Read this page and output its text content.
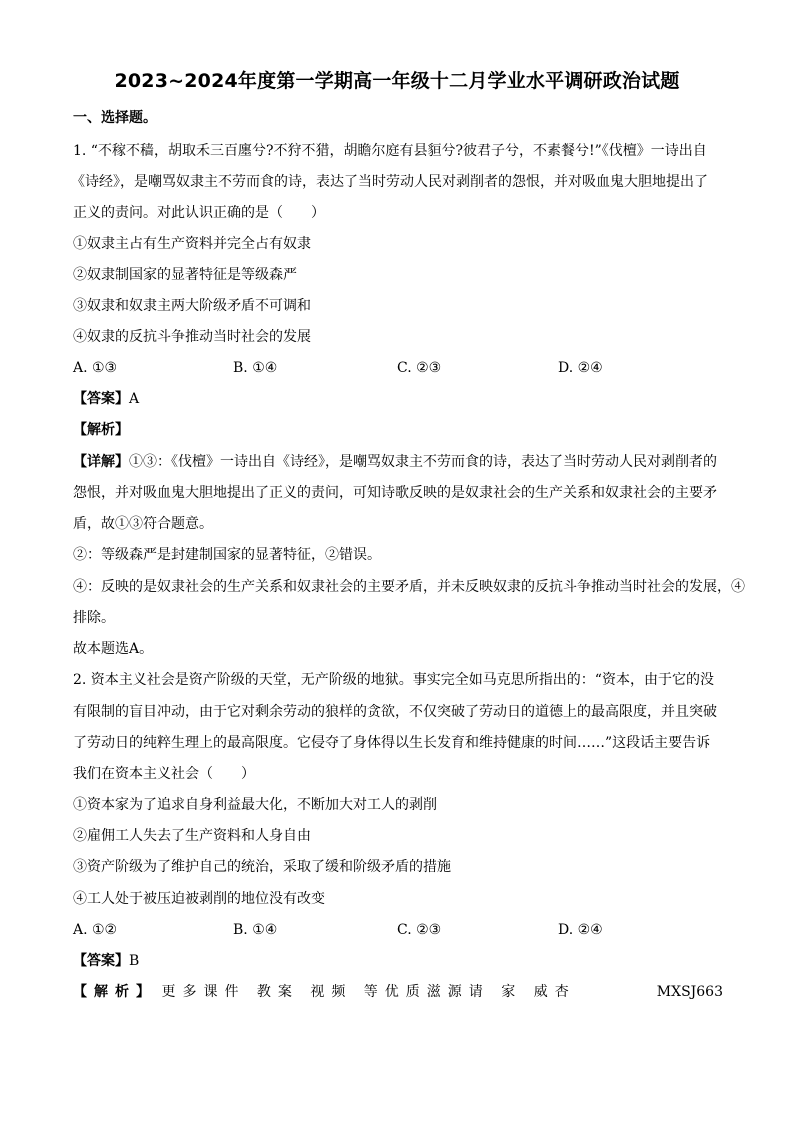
2023~2024年度第一学期高一年级十二月学业水平调研政治试题
一、选择题。
1. “不稼不穑，胡取禾三百廛兮?不狩不猎，胡瞻尔庭有县貆兮?彼君子兮，不素餐兮!”《伐檀》一诗出自
《诗经》，是嘲骂奴隶主不劳而食的诗，表达了当时劳动人民对剥削者的怨恨，并对吸血鬼大胆地提出了
正义的责问。对此认识正确的是（　　）
①奴隶主占有生产资料并完全占有奴隶
②奴隶制国家的显著特征是等级森严
③奴隶和奴隶主两大阶级矛盾不可调和
④奴隶的反抗斗争推动当时社会的发展
A. ①③	B. ①④	C. ②③	D. ②④
【答案】A
【解析】
【详解】①③：《伐檀》一诗出自《诗经》，是嘲骂奴隶主不劳而食的诗，表达了当时劳动人民对剥削者的
怨恨，并对吸血鬼大胆地提出了正义的责问，可知诗歌反映的是奴隶社会的生产关系和奴隶社会的主要矛
盾，故①③符合题意。
②：等级森严是封建制国家的显著特征，②错误。
④：反映的是奴隶社会的生产关系和奴隶社会的主要矛盾，并未反映奴隶的反抗斗争推动当时社会的发展，④
排除。
故本题选A。
2. 资本主义社会是资产阶级的天堂，无产阶级的地狱。事实完全如马克思所指出的：“资本，由于它的没
有限制的盲目冲动，由于它对剩余劳动的狼样的贪欲，不仅突破了劳动日的道德上的最高限度，并且突破
了劳动日的纯粹生理上的最高限度。它侵夺了身体得以生长发育和维持健康的时间……”这段话主要告诉
我们在资本主义社会（　　）
①资本家为了追求自身利益最大化，不断加大对工人的剥削
②雇佣工人失去了生产资料和人身自由
③资产阶级为了维护自己的统治，采取了缓和阶级矛盾的措施
④工人处于被压迫被剥削的地位没有改变
A. ①②	B. ①④	C. ②③	D. ②④
【答案】B
【解析】 更多课件 教案 视频 等优质滋源请 家 威杏	MXSJ663
